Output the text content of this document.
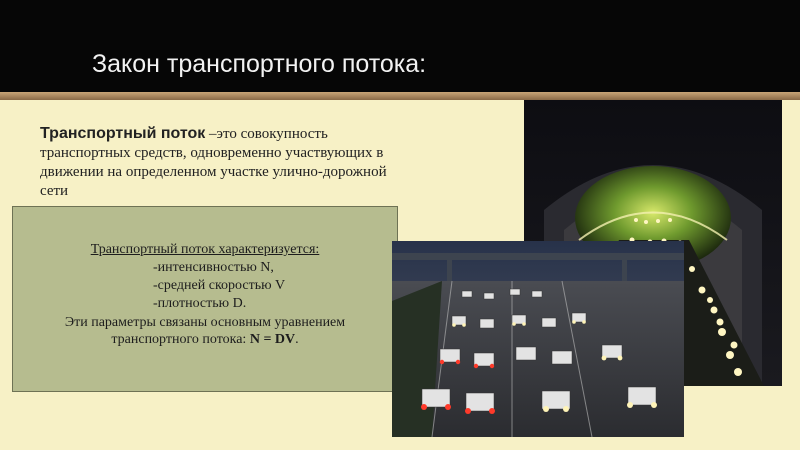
Закон транспортного потока:
Транспортный поток –это совокупность транспортных средств, одновременно участвующих в движении на определенном участке улично-дорожной сети
Транспортный поток характеризуется:
-интенсивностью N,
-средней скоростью V
-плотностью D.
Эти параметры связаны основным уравнением
транспортного потока: N = DV.
